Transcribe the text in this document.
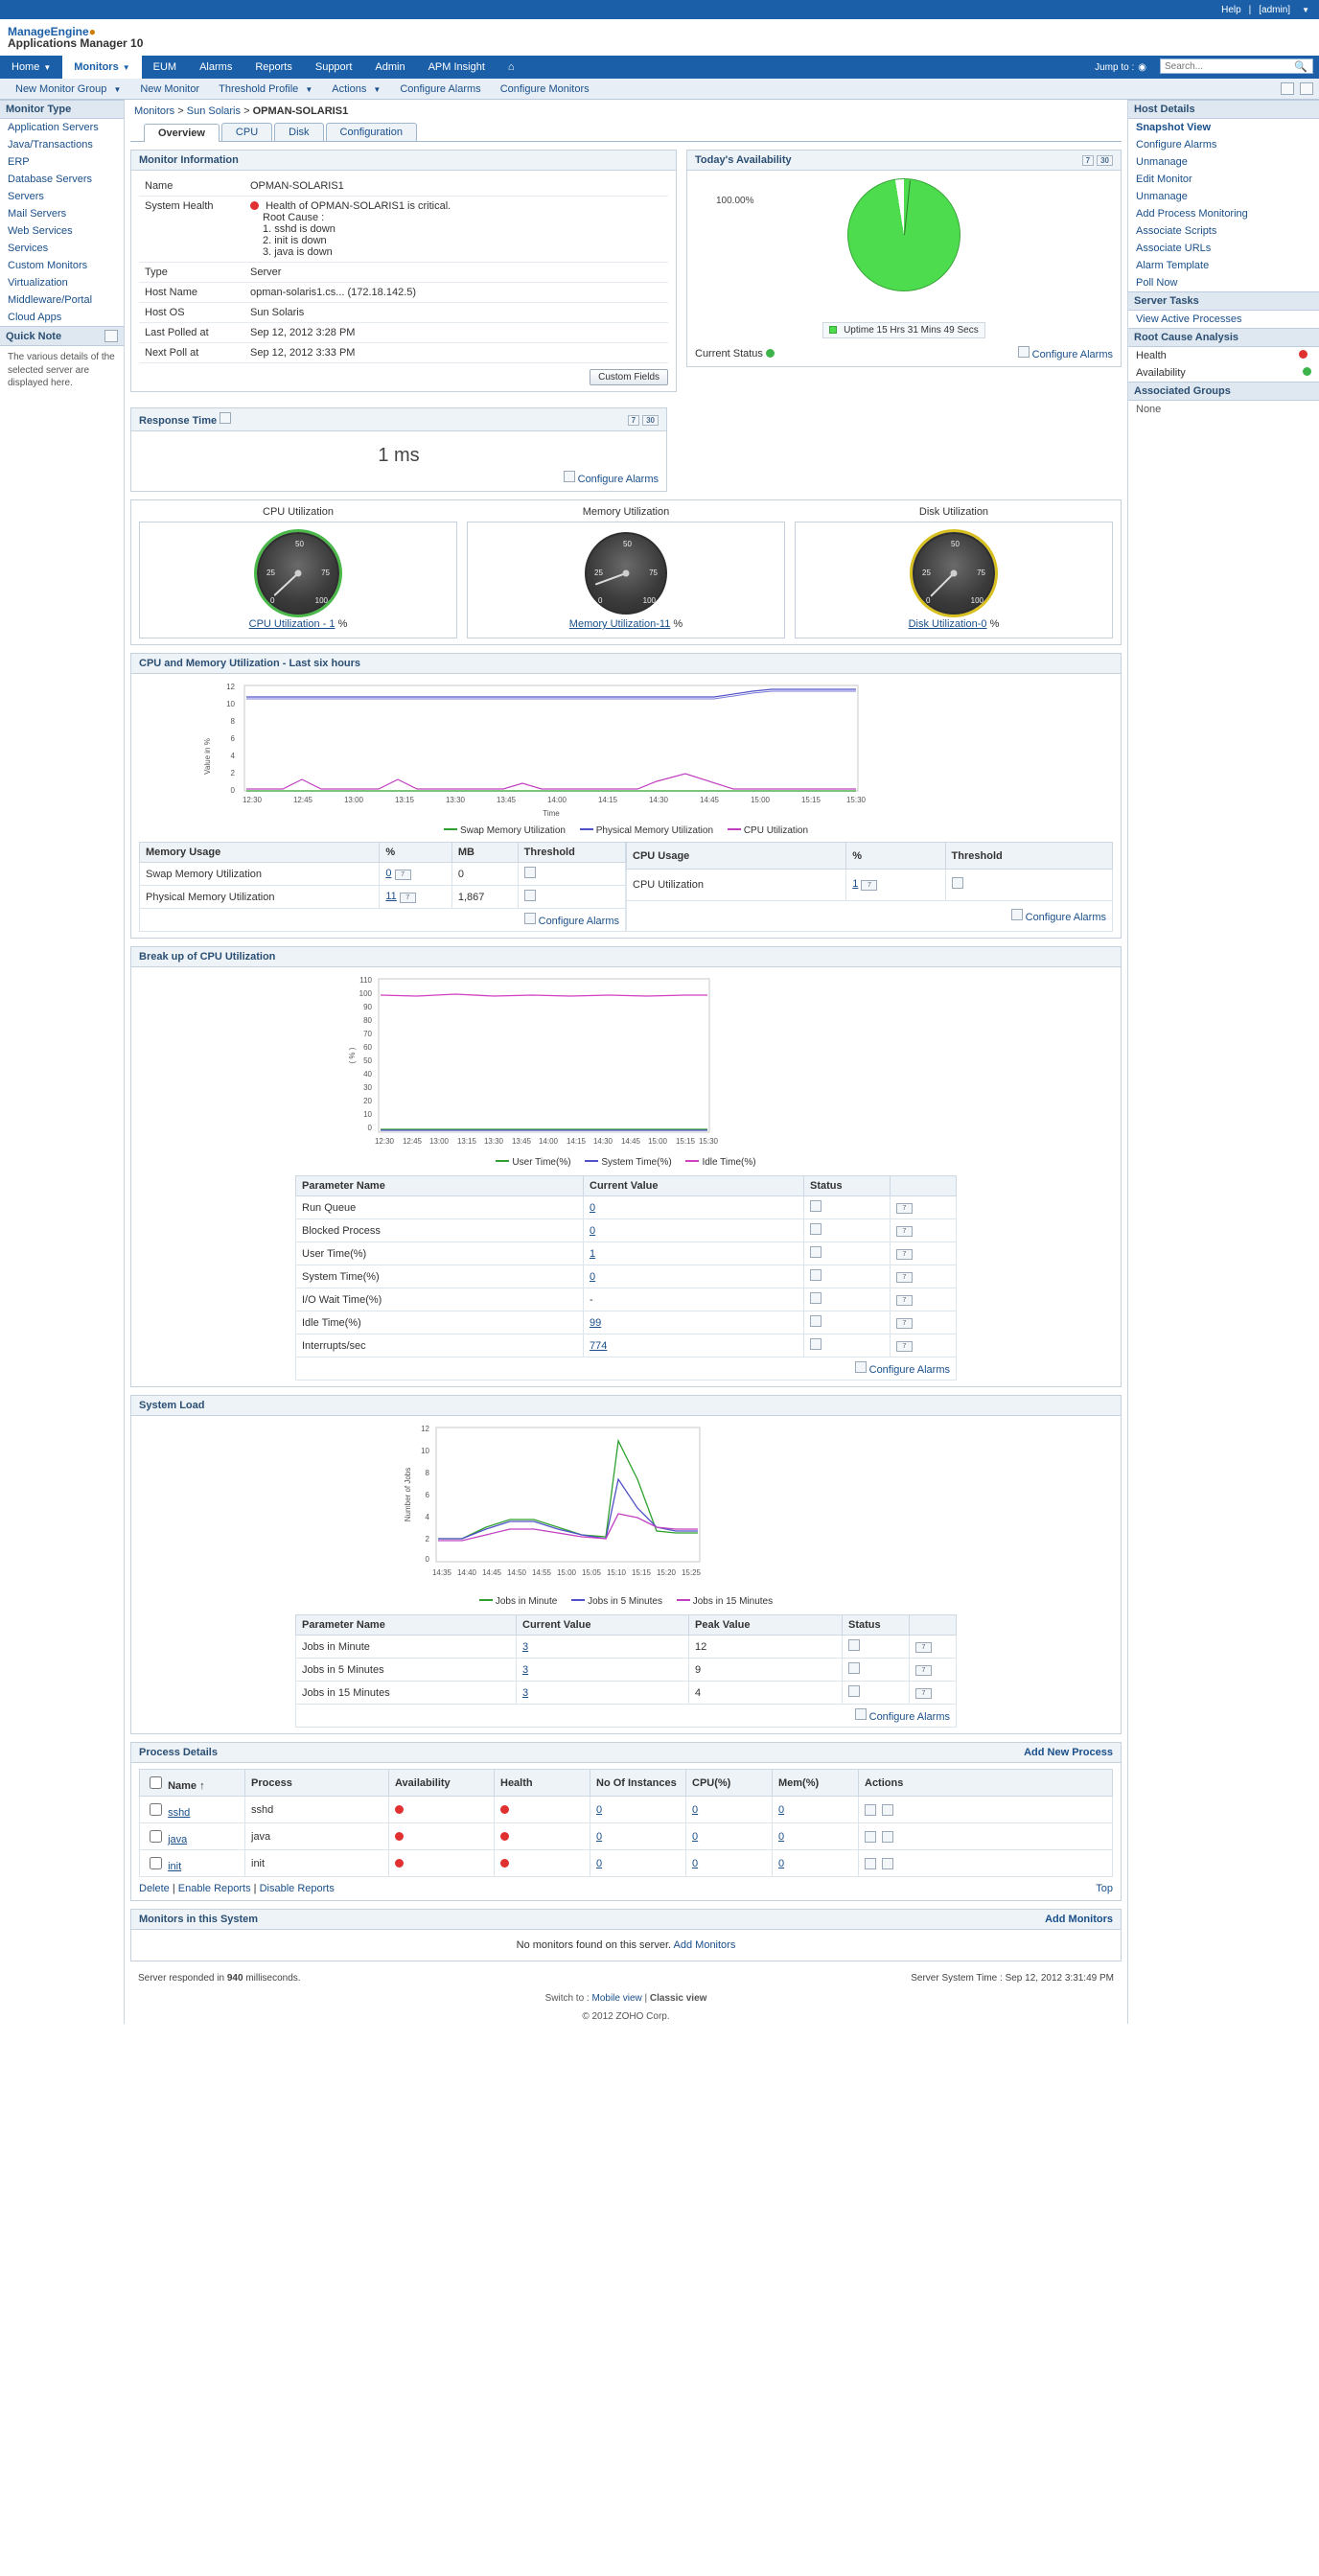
Help | [admin] ▼
ManageEngine●
Applications Manager 10
Home ▼ Monitors ▼	EUM	Alarms	Reports	Support	Admin	APM Insight	⌂	Jump to : ◉
Search...	🔍
New Monitor Group ▼	New Monitor	Threshold Profile ▼	Actions ▼	Configure Alarms	Configure Monitors
Monitor Type
Application Servers
Java/Transactions
ERP
Database Servers
Servers
Mail Servers
Web Services
Services
Custom Monitors
Virtualization
Middleware/Portal
Cloud Apps
Quick Note
The various details of the selected server are displayed here.
Monitors > Sun Solaris > OPMAN-SOLARIS1
Overview	CPU	Disk	Configuration
Monitor Information
Name	OPMAN-SOLARIS1
System Health	Health of OPMAN-SOLARIS1 is critical.
Root Cause :
1. sshd is down
2. init is down
3. java is down

Type	Server
Host Name	opman-solaris1.cs... (172.18.142.5)
Host OS	Sun Solaris
Last Polled at	Sep 12, 2012 3:28 PM
Next Poll at	Sep 12, 2012 3:33 PM
Custom Fields
Today's Availability	7 30
100.00%
Uptime 15 Hrs 31 Mins 49 Secs
Current Status	Configure Alarms
Response Time	7 30
1 ms
Configure Alarms
CPU Utilization
50
25	75
0	100
CPU Utilization - 1 %
Memory Utilization
50
25	75
0	100
Memory Utilization-11 %
Disk Utilization
50
25	75
0	100
Disk Utilization-0 %
CPU and Memory Utilization - Last six hours
12
10
8
6
4
2
0
Value in %
12:30	12:45	13:00	13:15	13:30	13:45	14:00	14:15	14:30	14:45	15:00	15:15	15:30
Time
Swap Memory Utilization	Physical Memory Utilization	CPU Utilization
Memory Usage	%	MB	Threshold
Swap Memory Utilization	0 7	0	
Physical Memory Utilization	11 7	1,867	
Configure Alarms			
CPU Usage	%	Threshold
CPU Utilization	1 7	
Configure Alarms		
Break up of CPU Utilization
110
100
90
80
70
60
50
40
30
20
10
0
( % )
12:30 12:45 13:00 13:15 13:30 13:45 14:00 14:15 14:30 14:45 15:00 15:15 15:30
User Time(%)	System Time(%)	Idle Time(%)
Parameter Name	Current Value	Status	
Run Queue	0		7
Blocked Process	0		7
User Time(%)	1		7
System Time(%)	0		7
I/O Wait Time(%)	-		7
Idle Time(%)	99		7
Interrupts/sec	774		7
Configure Alarms			
System Load
12
10
8
6
4
2
0
Number of Jobs
14:35 14:40 14:45 14:50 14:55 15:00 15:05 15:10 15:15 15:20 15:25
Jobs in Minute	Jobs in 5 Minutes	Jobs in 15 Minutes
Parameter Name	Current Value	Peak Value	Status	
Jobs in Minute	3	12		7
Jobs in 5 Minutes	3	9		7
Jobs in 15 Minutes	3	4		7
Configure Alarms				
Process Details	Add New Process
Name ↑	Process	Availability	Health	No Of Instances	CPU(%)	Mem(%)	Actions
sshd	sshd			0	0	0	

java	java			0	0	0	

init	init			0	0	0	
Delete | Enable Reports | Disable Reports	Top
Monitors in this System	Add Monitors
No monitors found on this server. Add Monitors
Server responded in 940 milliseconds.	Server System Time : Sep 12, 2012 3:31:49 PM
Switch to : Mobile view | Classic view
© 2012 ZOHO Corp.
Host Details
Snapshot View
Configure Alarms
Unmanage
Edit Monitor
Unmanage
Add Process Monitoring
Associate Scripts
Associate URLs
Alarm Template
Poll Now
Server Tasks
View Active Processes
Root Cause Analysis
Health
Availability
Associated Groups
None
